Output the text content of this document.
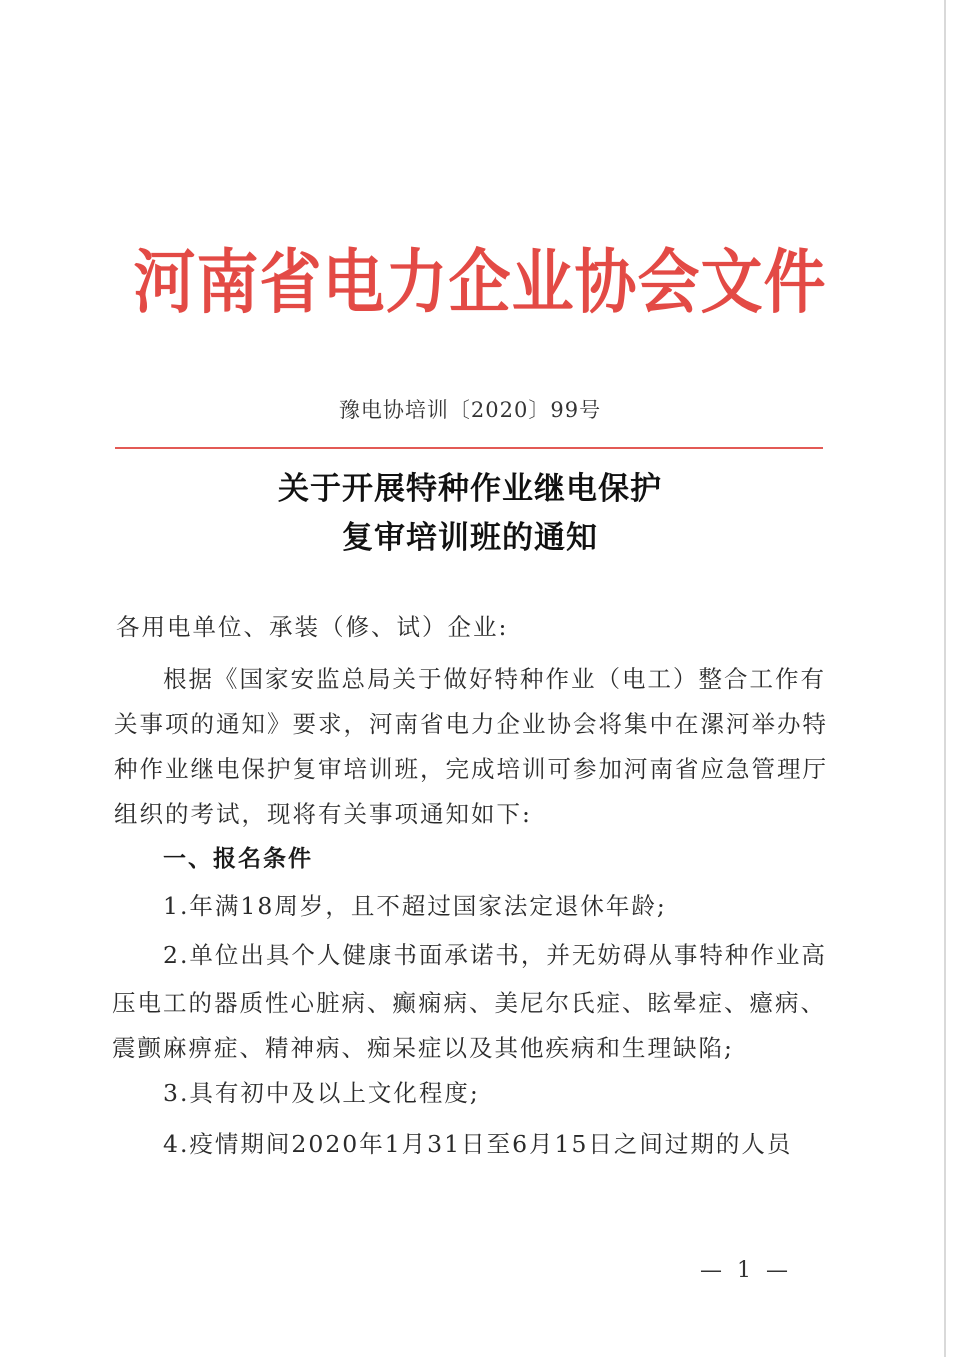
河南省电力企业协会文件
豫电协培训〔2020〕99号
关于开展特种作业继电保护
复审培训班的通知
各用电单位、承装（修、试）企业:
根据《国家安监总局关于做好特种作业（电工）整合工作有
关事项的通知》要求，河南省电力企业协会将集中在漯河举办特
种作业继电保护复审培训班，完成培训可参加河南省应急管理厅
组织的考试，现将有关事项通知如下:
一、报名条件
1.年满18周岁，且不超过国家法定退休年龄;
2.单位出具个人健康书面承诺书，并无妨碍从事特种作业高
压电工的器质性心脏病、癫痫病、美尼尔氏症、眩晕症、癔病、
震颤麻痹症、精神病、痴呆症以及其他疾病和生理缺陷;
3.具有初中及以上文化程度;
4.疫情期间2020年1月31日至6月15日之间过期的人员
— 1 —
